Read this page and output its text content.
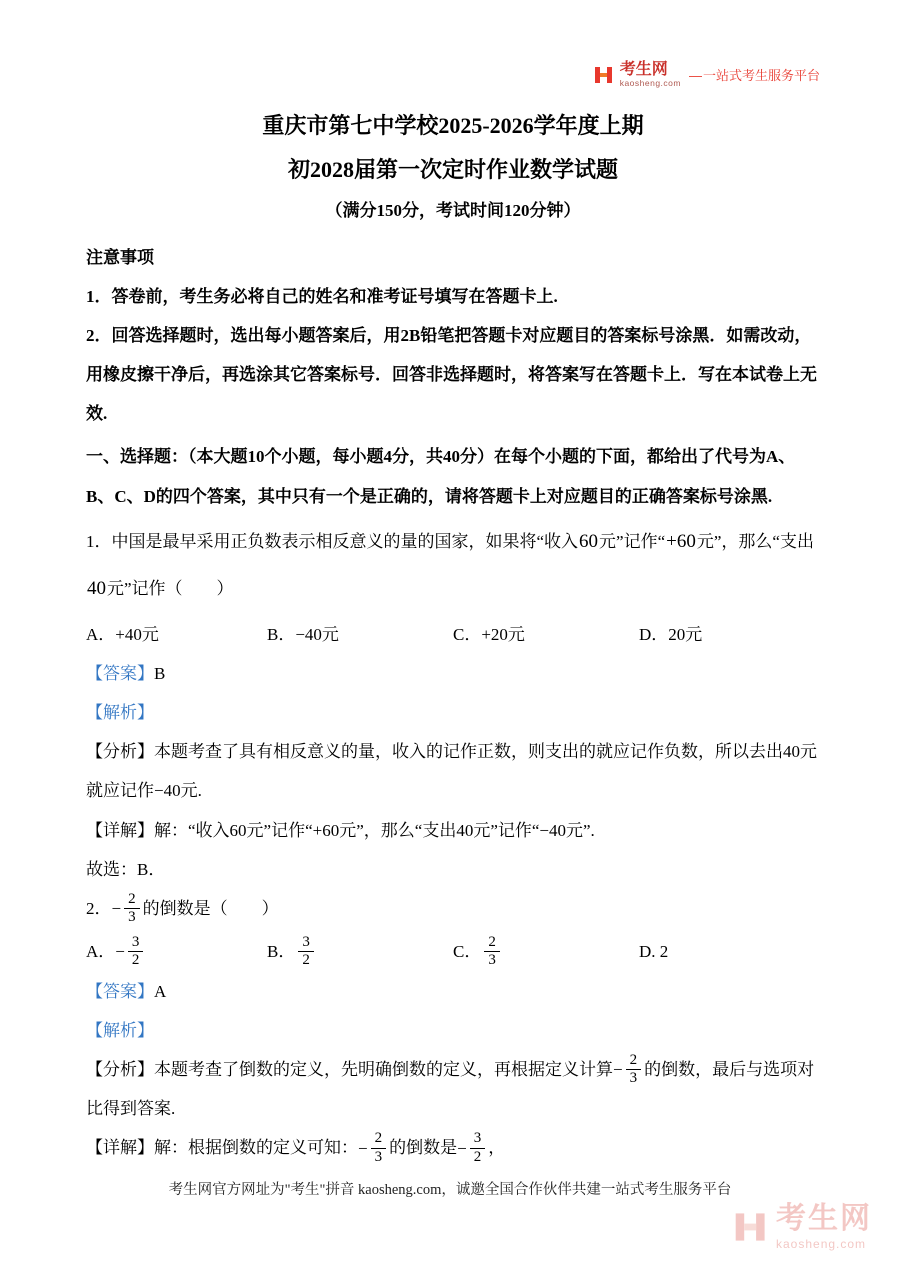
考生网
kaosheng.com —一站式考生服务平台
重庆市第七中学校2025-2026学年度上期
初2028届第一次定时作业数学试题
（满分150分，考试时间120分钟）
注意事项

1．答卷前，考生务必将自己的姓名和准考证号填写在答题卡上.

2．回答选择题时，选出每小题答案后，用2B铅笔把答题卡对应题目的答案标号涂黑．如需改动，用橡皮擦干净后，再选涂其它答案标号．回答非选择题时，将答案写在答题卡上．写在本试卷上无效.

一、选择题：（本大题10个小题，每小题4分，共40分）在每个小题的下面，都给出了代号为A、B、C、D的四个答案，其中只有一个是正确的，请将答题卡上对应题目的正确答案标号涂黑.

1．中国是最早采用正负数表示相反意义的量的国家，如果将“收入60元”记作“+60元”，那么“支出

40元”记作（　　）

A．+40元	B．−40元	C．+20元	D．20元

【答案】B

【解析】

【分析】本题考查了具有相反意义的量，收入的记作正数，则支出的就应记作负数，所以去出40元就应记作−40元.

【详解】解：“收入60元”记作“+60元”，那么“支出40元”记作“−40元”.

故选：B．

2． − $\frac{2}{3}$ 的倒数是（　　）
A． − $\frac{3}{2}$	B． $\frac{3}{2}$	C． $\frac{2}{3}$	D. 2

【答案】A

【解析】

【分析】本题考查了倒数的定义，先明确倒数的定义，再根据定义计算 − $\frac{2}{3}$ 的倒数，最后与选项对比得到答案.

【详解】解：根据倒数的定义可知： − $\frac{2}{3}$ 的倒数是 − $\frac{3}{2}$ ，

考生网官方网址为"考生"拼音 kaosheng.com，诚邀全国合作伙伴共建一站式考生服务平台
考生网
kaosheng.com
